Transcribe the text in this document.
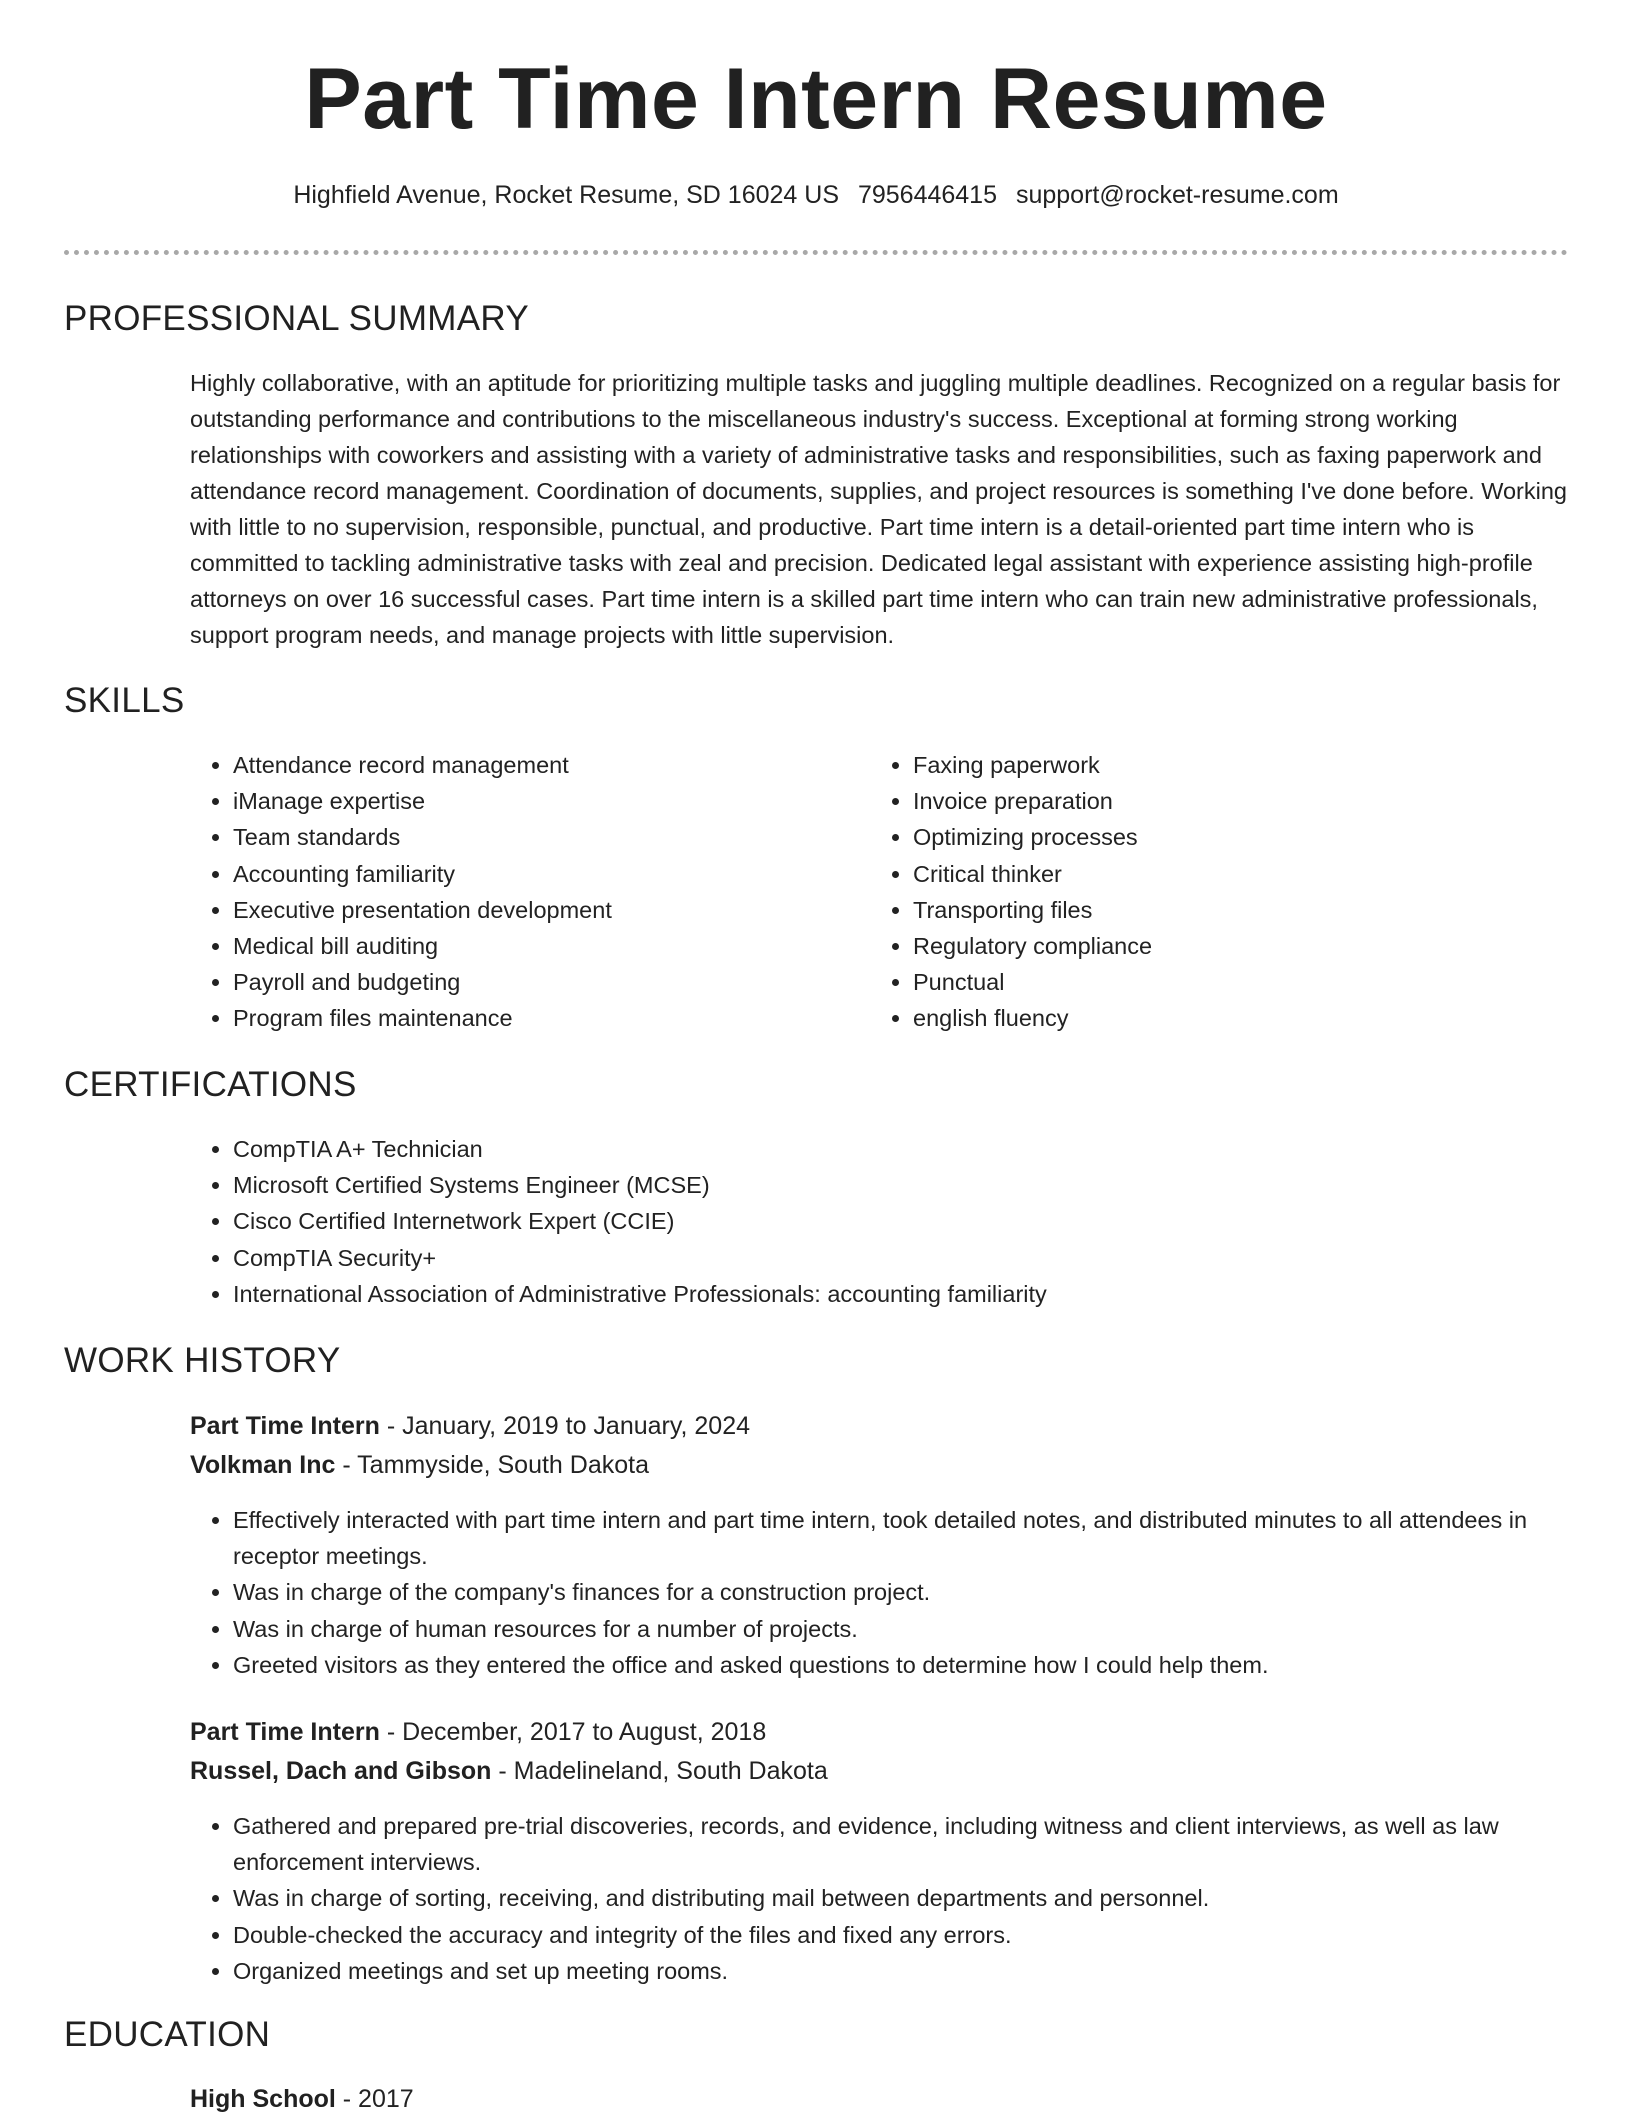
Part Time Intern Resume
Highfield Avenue, Rocket Resume, SD 16024 US 7956446415 support@rocket-resume.com
PROFESSIONAL SUMMARY

Highly collaborative, with an aptitude for prioritizing multiple tasks and juggling multiple deadlines. Recognized on a regular basis for outstanding performance and contributions to the miscellaneous industry's success. Exceptional at forming strong working relationships with coworkers and assisting with a variety of administrative tasks and responsibilities, such as faxing paperwork and attendance record management. Coordination of documents, supplies, and project resources is something I've done before. Working with little to no supervision, responsible, punctual, and productive. Part time intern is a detail-oriented part time intern who is committed to tackling administrative tasks with zeal and precision. Dedicated legal assistant with experience assisting high-profile attorneys on over 16 successful cases. Part time intern is a skilled part time intern who can train new administrative professionals, support program needs, and manage projects with little supervision.

SKILLS
• Attendance record management
• iManage expertise
• Team standards
• Accounting familiarity
• Executive presentation development
• Medical bill auditing
• Payroll and budgeting
• Program files maintenance
• Faxing paperwork
• Invoice preparation
• Optimizing processes
• Critical thinker
• Transporting files
• Regulatory compliance
• Punctual
• english fluency
CERTIFICATIONS
• CompTIA A+ Technician
• Microsoft Certified Systems Engineer (MCSE)
• Cisco Certified Internetwork Expert (CCIE)
• CompTIA Security+
• International Association of Administrative Professionals: accounting familiarity
WORK HISTORY
Part Time Intern - January, 2019 to January, 2024
Volkman Inc - Tammyside, South Dakota
• Effectively interacted with part time intern and part time intern, took detailed notes, and distributed minutes to all attendees in receptor meetings.
• Was in charge of the company's finances for a construction project.
• Was in charge of human resources for a number of projects.
• Greeted visitors as they entered the office and asked questions to determine how I could help them.
Part Time Intern - December, 2017 to August, 2018
Russel, Dach and Gibson - Madelineland, South Dakota
• Gathered and prepared pre-trial discoveries, records, and evidence, including witness and client interviews, as well as law enforcement interviews.
• Was in charge of sorting, receiving, and distributing mail between departments and personnel.
• Double-checked the accuracy and integrity of the files and fixed any errors.
• Organized meetings and set up meeting rooms.
EDUCATION
High School - 2017
